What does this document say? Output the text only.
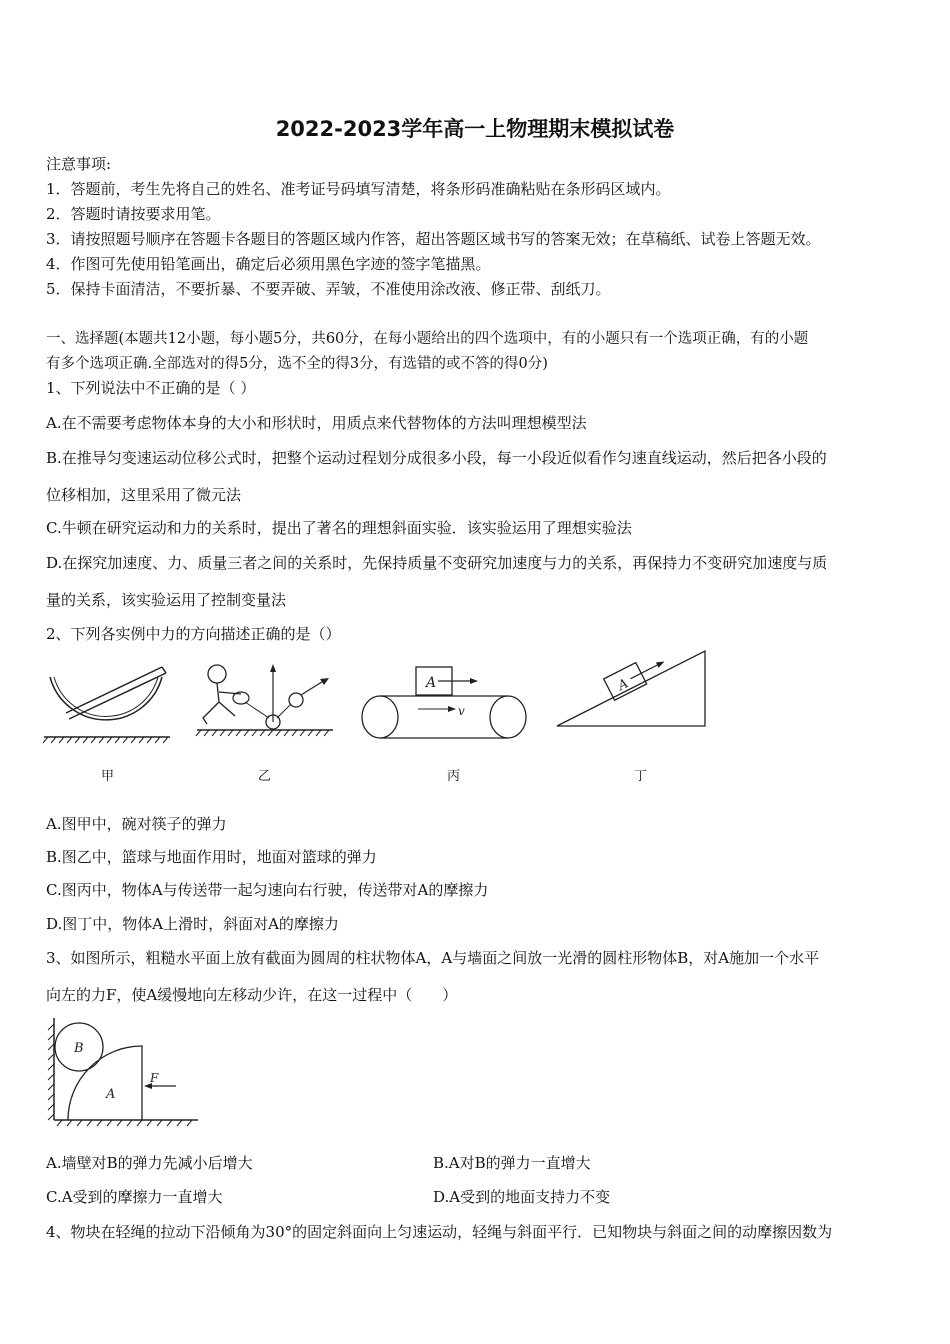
2022-2023学年高一上物理期末模拟试卷
注意事项:
1．答题前，考生先将自己的姓名、准考证号码填写清楚，将条形码准确粘贴在条形码区域内。
2．答题时请按要求用笔。
3．请按照题号顺序在答题卡各题目的答题区域内作答，超出答题区域书写的答案无效；在草稿纸、试卷上答题无效。
4．作图可先使用铅笔画出，确定后必须用黑色字迹的签字笔描黑。
5．保持卡面清洁，不要折暴、不要弄破、弄皱，不准使用涂改液、修正带、刮纸刀。
一、选择题(本题共12小题，每小题5分，共60分，在每小题给出的四个选项中，有的小题只有一个选项正确，有的小题
有多个选项正确.全部选对的得5分，选不全的得3分，有选错的或不答的得0分)
1、下列说法中不正确的是（ ）
A.在不需要考虑物体本身的大小和形状时，用质点来代替物体的方法叫理想模型法
B.在推导匀变速运动位移公式时，把整个运动过程划分成很多小段，每一小段近似看作匀速直线运动，然后把各小段的
位移相加，这里采用了微元法
C.牛顿在研究运动和力的关系时，提出了著名的理想斜面实验．该实验运用了理想实验法
D.在探究加速度、力、质量三者之间的关系时，先保持质量不变研究加速度与力的关系，再保持力不变研究加速度与质
量的关系，该实验运用了控制变量法
2、下列各实例中力的方向描述正确的是（）
甲	乙
A
v
丙
A
丁
A.图甲中，碗对筷子的弹力
B.图乙中，篮球与地面作用时，地面对篮球的弹力
C.图丙中，物体A与传送带一起匀速向右行驶，传送带对A的摩擦力
D.图丁中，物体A上滑时，斜面对A的摩擦力
3、如图所示，粗糙水平面上放有截面为圆周的柱状物体A，A与墙面之间放一光滑的圆柱形物体B，对A施加一个水平
向左的力F，使A缓慢地向左移动少许，在这一过程中（　　）
B
A
F
A.墙壁对B的弹力先减小后增大	B.A对B的弹力一直增大
C.A受到的摩擦力一直增大	D.A受到的地面支持力不变
4、物块在轻绳的拉动下沿倾角为30°的固定斜面向上匀速运动，轻绳与斜面平行．已知物块与斜面之间的动摩擦因数为
